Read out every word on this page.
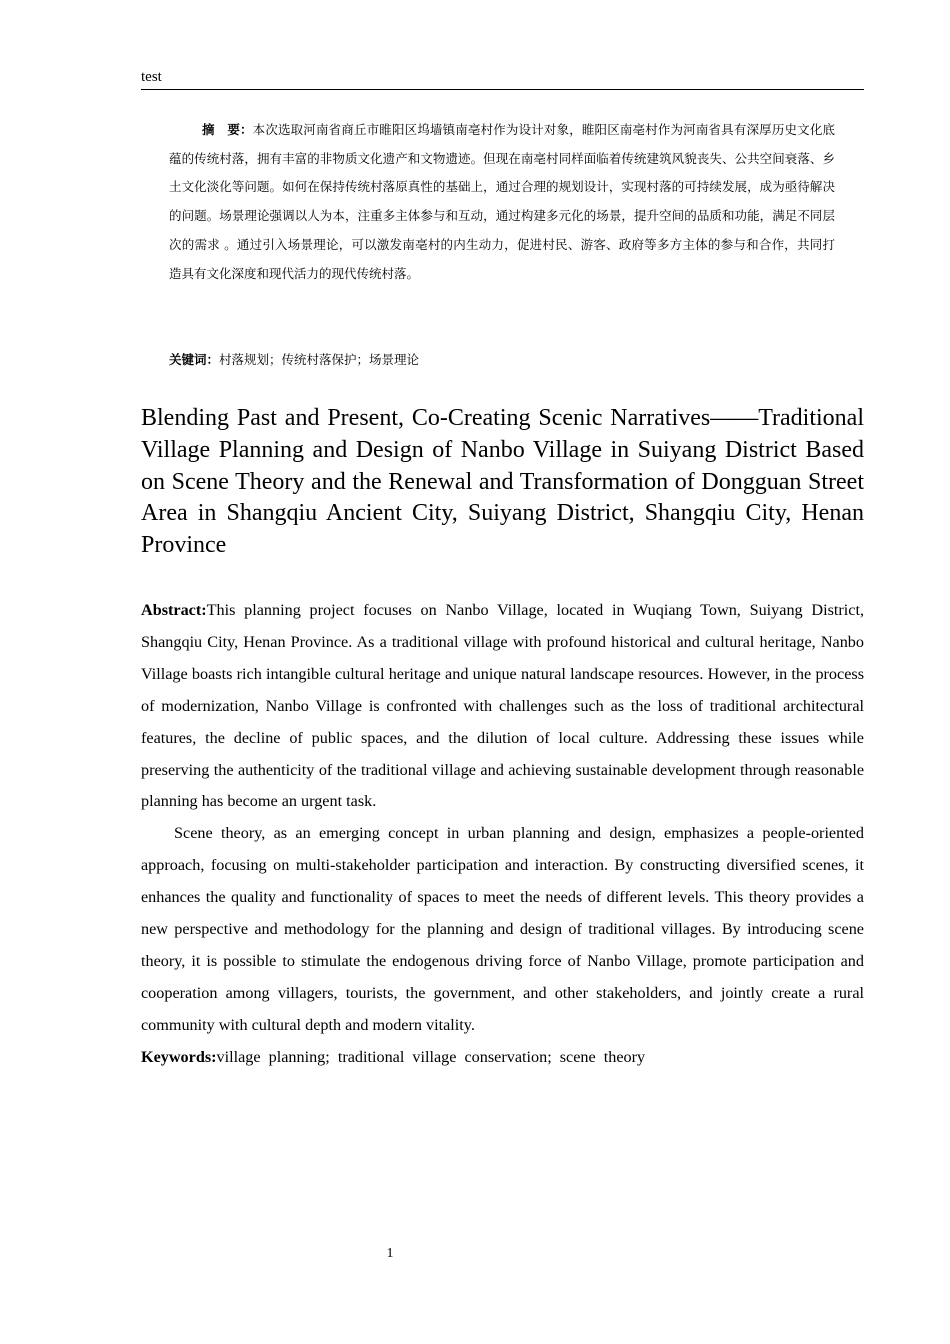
test
摘　要：本次选取河南省商丘市睢阳区坞墙镇南亳村作为设计对象，睢阳区南亳村作为河南省具有深厚历史文化底蕴的传统村落，拥有丰富的非物质文化遗产和文物遗迹。但现在南亳村同样面临着传统建筑风貌丧失、公共空间衰落、乡土文化淡化等问题。如何在保持传统村落原真性的基础上，通过合理的规划设计，实现村落的可持续发展，成为亟待解决的问题。场景理论强调以人为本，注重多主体参与和互动，通过构建多元化的场景，提升空间的品质和功能，满足不同层次的需求 。通过引入场景理论，可以激发南亳村的内生动力，促进村民、游客、政府等多方主体的参与和合作，共同打造具有文化深度和现代活力的现代传统村落。
关键词：村落规划；传统村落保护；场景理论
Blending Past and Present, Co-Creating Scenic Narratives——Traditional Village Planning and Design of Nanbo Village in Suiyang District Based on Scene Theory and the Renewal and Transformation of Dongguan Street Area in Shangqiu Ancient City, Suiyang District, Shangqiu City, Henan Province

Abstract:This planning project focuses on Nanbo Village, located in Wuqiang Town, Suiyang District, Shangqiu City, Henan Province. As a traditional village with profound historical and cultural heritage, Nanbo Village boasts rich intangible cultural heritage and unique natural landscape resources. However, in the process of modernization, Nanbo Village is confronted with challenges such as the loss of traditional architectural features, the decline of public spaces, and the dilution of local culture. Addressing these issues while preserving the authenticity of the traditional village and achieving sustainable development through reasonable planning has become an urgent task.

Scene theory, as an emerging concept in urban planning and design, emphasizes a people-oriented approach, focusing on multi-stakeholder participation and interaction. By constructing diversified scenes, it enhances the quality and functionality of spaces to meet the needs of different levels. This theory provides a new perspective and methodology for the planning and design of traditional villages. By introducing scene theory, it is possible to stimulate the endogenous driving force of Nanbo Village, promote participation and cooperation among villagers, tourists, the government, and other stakeholders, and jointly create a rural community with cultural depth and modern vitality.

Keywords:village planning; traditional village conservation; scene theory

1
